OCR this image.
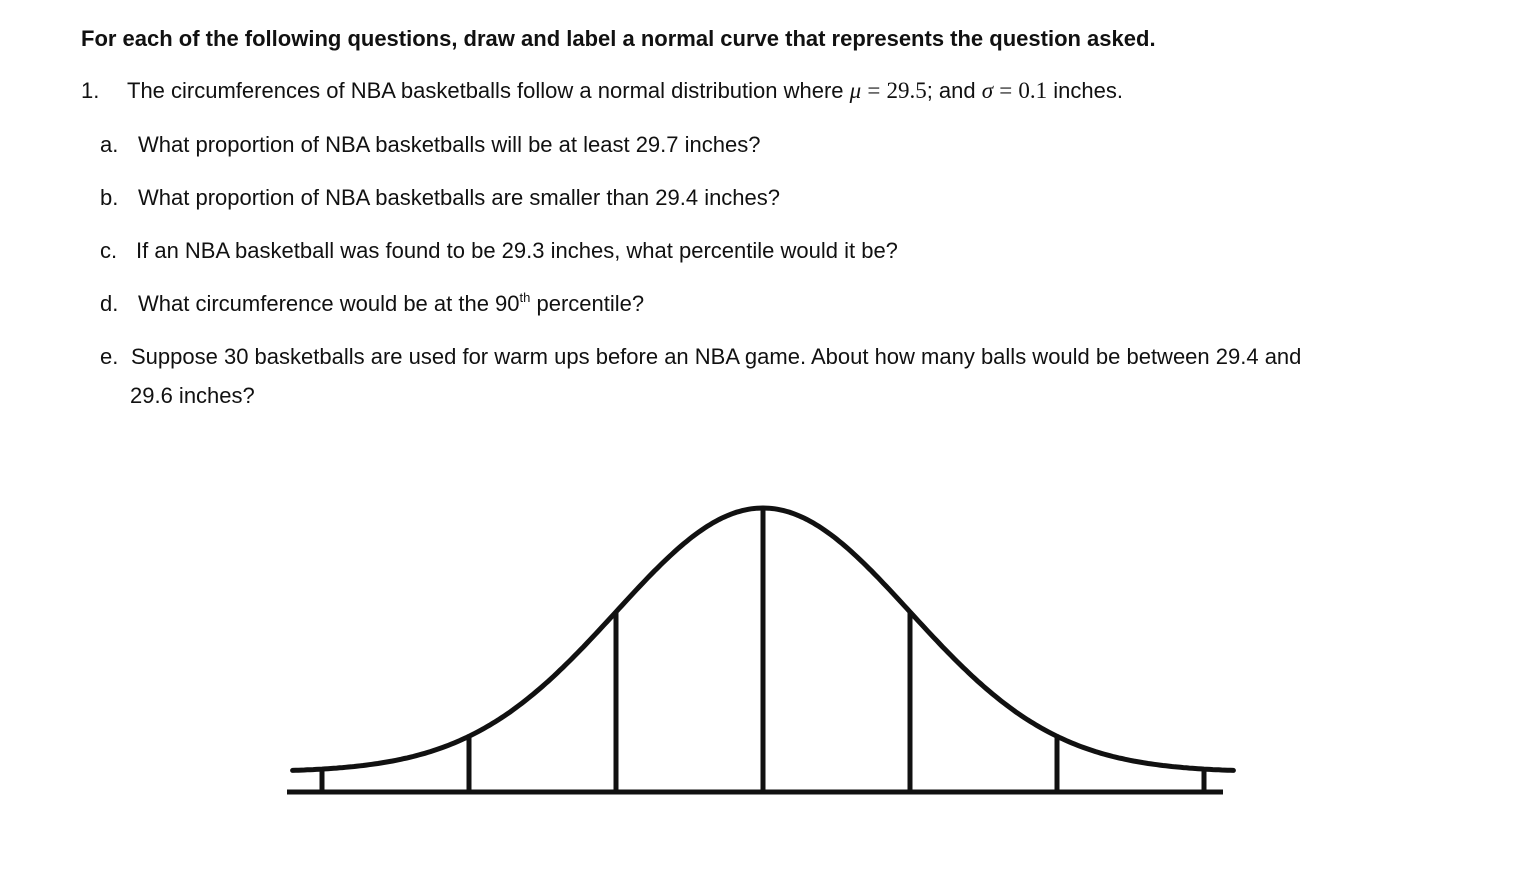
For each of the following questions, draw and label a normal curve that represents the question asked.
1. The circumferences of NBA basketballs follow a normal distribution where μ = 29.5; and σ = 0.1 inches.
a. What proportion of NBA basketballs will be at least 29.7 inches?
b. What proportion of NBA basketballs are smaller than 29.4 inches?
c. If an NBA basketball was found to be 29.3 inches, what percentile would it be?
d. What circumference would be at the 90th percentile?
e. Suppose 30 basketballs are used for warm ups before an NBA game. About how many balls would be between 29.4 and
29.6 inches?
